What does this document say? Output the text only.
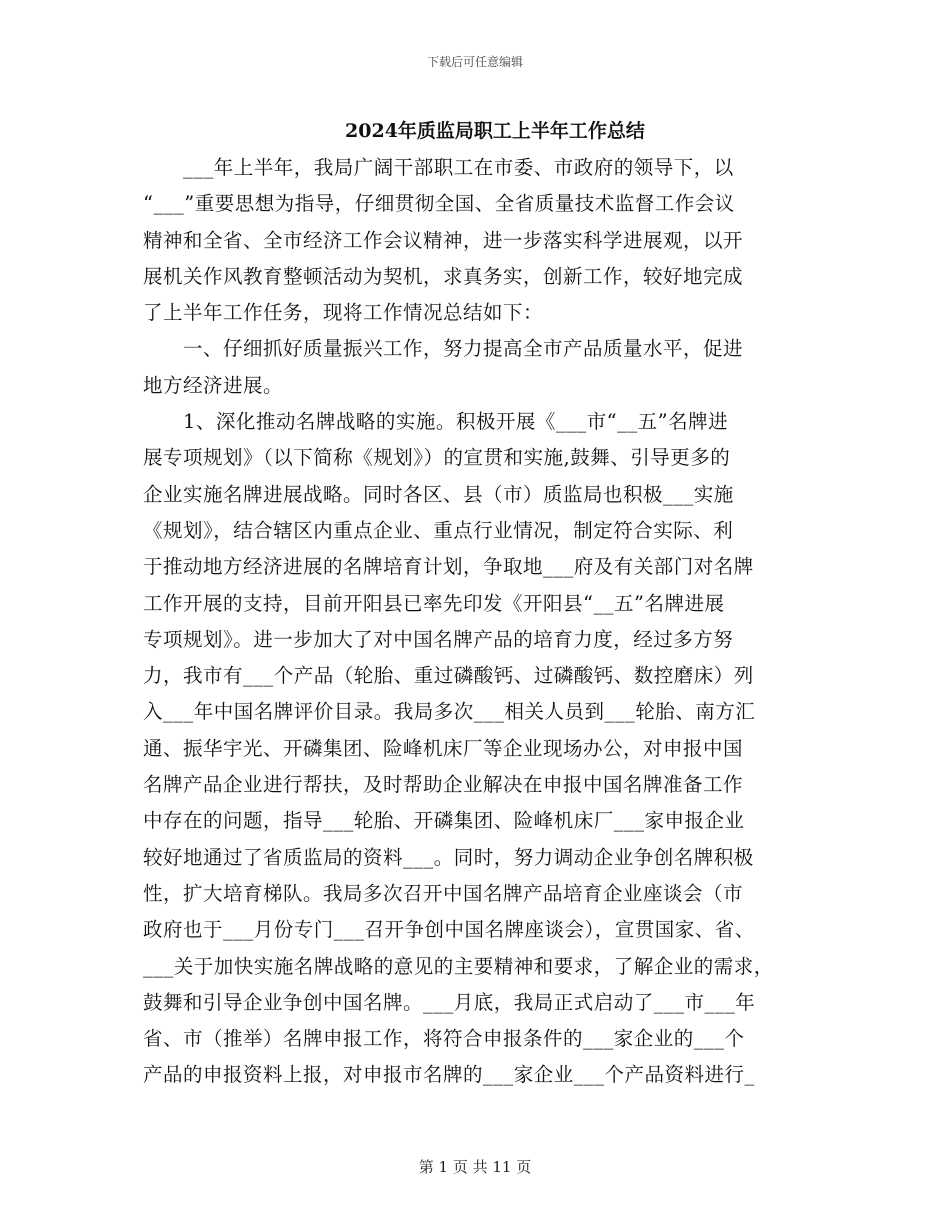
下载后可任意编辑
2024年质监局职工上半年工作总结
　　___年上半年，我局广阔干部职工在市委、市政府的领导下，以
“___”重要思想为指导，仔细贯彻全国、全省质量技术监督工作会议
精神和全省、全市经济工作会议精神，进一步落实科学进展观，以开
展机关作风教育整顿活动为契机，求真务实，创新工作，较好地完成
了上半年工作任务，现将工作情况总结如下：
　　一、仔细抓好质量振兴工作，努力提高全市产品质量水平，促进
地方经济进展。
　　1、深化推动名牌战略的实施。积极开展《___市“__五”名牌进
展专项规划》（以下简称《规划》）的宣贯和实施,鼓舞、引导更多的
企业实施名牌进展战略。同时各区、县（市）质监局也积极___实施
《规划》，结合辖区内重点企业、重点行业情况，制定符合实际、利
于推动地方经济进展的名牌培育计划，争取地___府及有关部门对名牌
工作开展的支持，目前开阳县已率先印发《开阳县“__五”名牌进展
专项规划》。进一步加大了对中国名牌产品的培育力度，经过多方努
力，我市有___个产品（轮胎、重过磷酸钙、过磷酸钙、数控磨床）列
入___年中国名牌评价目录。我局多次___相关人员到___轮胎、南方汇
通、振华宇光、开磷集团、险峰机床厂等企业现场办公，对申报中国
名牌产品企业进行帮扶，及时帮助企业解决在申报中国名牌准备工作
中存在的问题，指导___轮胎、开磷集团、险峰机床厂___家申报企业
较好地通过了省质监局的资料___。同时，努力调动企业争创名牌积极
性，扩大培育梯队。我局多次召开中国名牌产品培育企业座谈会（市
政府也于___月份专门___召开争创中国名牌座谈会），宣贯国家、省、
___关于加快实施名牌战略的意见的主要精神和要求，了解企业的需求，
鼓舞和引导企业争创中国名牌。___月底，我局正式启动了___市___年
省、市（推举）名牌申报工作，将符合申报条件的___家企业的___个
产品的申报资料上报，对申报市名牌的___家企业___个产品资料进行_
第 1 页 共 11 页
